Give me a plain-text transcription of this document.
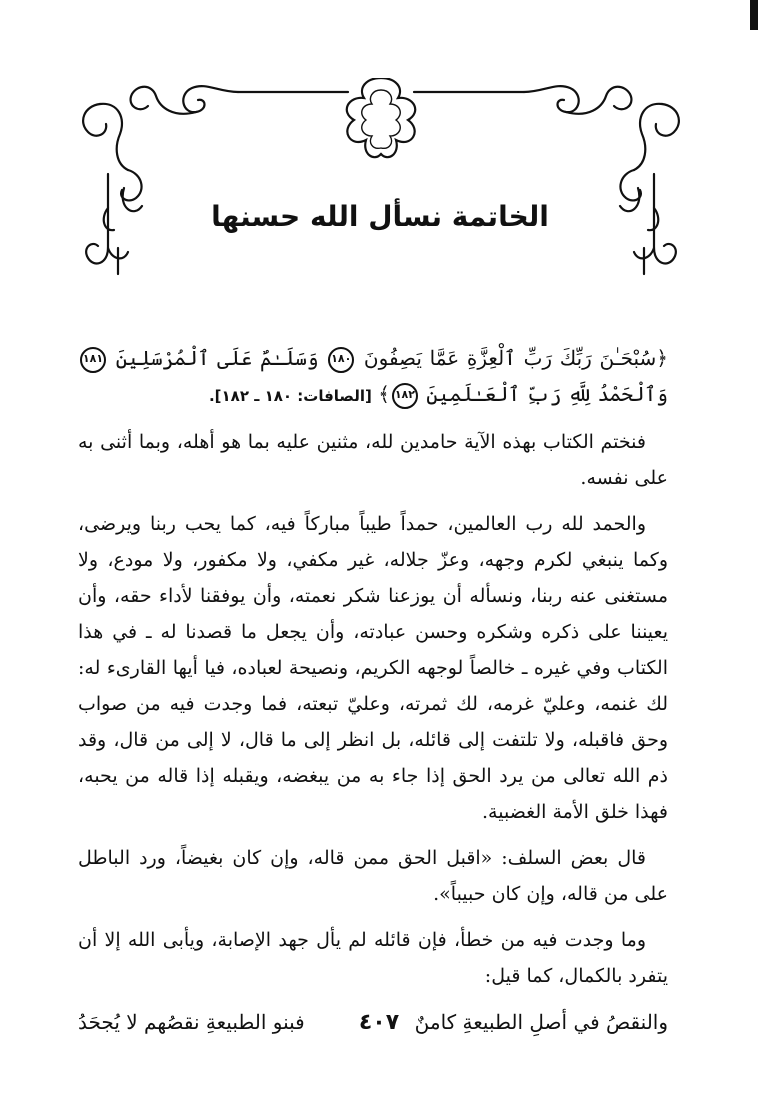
الخاتمة نسأل الله حسنها

﴿سُبْحَـٰنَ رَبِّكَ رَبِّ ٱلْعِزَّةِ عَمَّا يَصِفُونَ ١٨٠ وَسَلَـٰمٌ عَلَى ٱلْمُرْسَلِينَ ١٨١ وَٱلْحَمْدُ لِلَّهِ رَبِّ ٱلْعَـٰلَمِينَ ١٨٢﴾ [الصافات: ١٨٠ ـ ١٨٢].

فنختم الكتاب بهذه الآية حامدين لله، مثنين عليه بما هو أهله، وبما أثنى به على نفسه.

والحمد لله رب العالمين، حمداً طيباً مباركاً فيه، كما يحب ربنا ويرضى، وكما ينبغي لكرم وجهه، وعزّ جلاله، غير مكفي، ولا مكفور، ولا مودع، ولا مستغنى عنه ربنا، ونسأله أن يوزعنا شكر نعمته، وأن يوفقنا لأداء حقه، وأن يعيننا على ذكره وشكره وحسن عبادته، وأن يجعل ما قصدنا له ـ في هذا الكتاب وفي غيره ـ خالصاً لوجهه الكريم، ونصيحة لعباده، فيا أيها القارىء له: لك غنمه، وعليّ غرمه، لك ثمرته، وعليّ تبعته، فما وجدت فيه من صواب وحق فاقبله، ولا تلتفت إلى قائله، بل انظر إلى ما قال، لا إلى من قال، وقد ذم الله تعالى من يرد الحق إذا جاء به من يبغضه، ويقبله إذا قاله من يحبه، فهذا خلق الأمة الغضبية.

قال بعض السلف: «اقبل الحق ممن قاله، وإن كان بغيضاً، ورد الباطل على من قاله، وإن كان حبيباً».

وما وجدت فيه من خطأ، فإن قائله لم يأل جهد الإصابة، ويأبى الله إلا أن يتفرد بالكمال، كما قيل:

والنقصُ في أصلِ الطبيعةِ كامنٌ
فبنو الطبيعةِ نقصُهم لا يُجحَدُ	٤٠٧
